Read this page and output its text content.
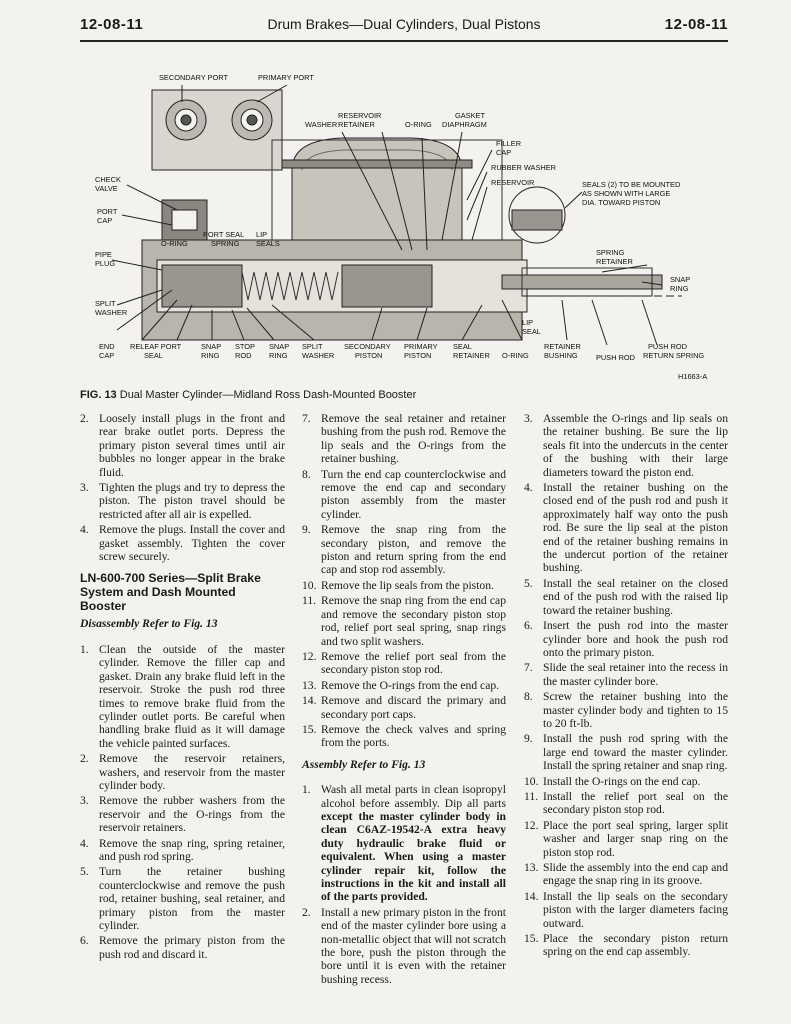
12-08-11	Drum Brakes—Dual Cylinders, Dual Pistons	12-08-11
SECONDARY PORT	PRIMARY PORT
RESERVOIR
RETAINER
WASHER	O-RING
GASKET
DIAPHRAGM
FILLER
CAP
RUBBER WASHER
RESERVOIR	SEALS (2) TO BE MOUNTED
AS SHOWN WITH LARGE
DIA. TOWARD PISTON
CHECK
VALVE
PORT
CAP
PORT SEAL LIP
SEALS
O-RING	SPRING
PIPE
PLUG
SPRING
RETAINER
SNAP
RING
SPLIT
WASHER
LIP
SEAL
END
CAP
RELEAF PORT
SEAL
SNAP
RING
STOP
ROD
SNAP
RING
SPLIT
WASHER
SECONDARY
PISTON
PRIMARY
PISTON
SEAL
RETAINER O-RING
RETAINER
BUSHING PUSH ROD
PUSH ROD
RETURN SPRING
H1663-A
FIG. 13 Dual Master Cylinder—Midland Ross Dash-Mounted Booster
2. Loosely install plugs in the front and rear brake outlet ports. Depress the primary piston several times until air bubbles no longer appear in the brake fluid.
3. Tighten the plugs and try to depress the piston. The piston travel should be restricted after all air is expelled.
4. Remove the plugs. Install the cover and gasket assembly. Tighten the cover screw securely.
LN-600-700 Series—Split Brake System and Dash Mounted Booster
Disassembly Refer to Fig. 13
1. Clean the outside of the master cylinder. Remove the filler cap and gasket. Drain any brake fluid left in the reservoir. Stroke the push rod three times to remove brake fluid from the cylinder outlet ports. Be careful when handling brake fluid as it will damage the vehicle painted surfaces.
2. Remove the reservoir retainers, washers, and reservoir from the master cylinder body.
3. Remove the rubber washers from the reservoir and the O-rings from the reservoir retainers.
4. Remove the snap ring, spring retainer, and push rod spring.
5. Turn the retainer bushing counterclockwise and remove the push rod, retainer bushing, seal retainer, and primary piston from the master cylinder.
6. Remove the primary piston from the push rod and discard it.
7. Remove the seal retainer and retainer bushing from the push rod. Remove the lip seals and the O-rings from the retainer bushing.
8. Turn the end cap counterclockwise and remove the end cap and secondary piston assembly from the master cylinder.
9. Remove the snap ring from the secondary piston, and remove the piston and return spring from the end cap and stop rod assembly.
10. Remove the lip seals from the piston.
11. Remove the snap ring from the end cap and remove the secondary piston stop rod, relief port seal spring, snap rings and two split washers.
12. Remove the relief port seal from the secondary piston stop rod.
13. Remove the O-rings from the end cap.
14. Remove and discard the primary and secondary port caps.
15. Remove the check valves and spring from the ports.
Assembly Refer to Fig. 13
1. Wash all metal parts in clean isopropyl alcohol before assembly. Dip all parts except the master cylinder body in clean C6AZ-19542-A extra heavy duty hydraulic brake fluid or equivalent. When using a master cylinder repair kit, follow the instructions in the kit and install all of the parts provided.
2. Install a new primary piston in the front end of the master cylinder bore using a non-metallic object that will not scratch the bore, push the piston through the bore until it is even with the retainer bushing recess.
3. Assemble the O-rings and lip seals on the retainer bushing. Be sure the lip seals fit into the undercuts in the center of the bushing with their large diameters toward the piston end.
4. Install the retainer bushing on the closed end of the push rod and push it approximately half way onto the push rod. Be sure the lip seal at the piston end of the retainer bushing remains in the undercut portion of the retainer bushing.
5. Install the seal retainer on the closed end of the push rod with the raised lip toward the retainer bushing.
6. Insert the push rod into the master cylinder bore and hook the push rod onto the primary piston.
7. Slide the seal retainer into the recess in the master cylinder bore.
8. Screw the retainer bushing into the master cylinder body and tighten to 15 to 20 ft-lb.
9. Install the push rod spring with the large end toward the master cylinder. Install the spring retainer and snap ring.
10. Install the O-rings on the end cap.
11. Install the relief port seal on the secondary piston stop rod.
12. Place the port seal spring, larger split washer and larger snap ring on the piston stop rod.
13. Slide the assembly into the end cap and engage the snap ring in its groove.
14. Install the lip seals on the secondary piston with the larger diameters facing outward.
15. Place the secondary piston return spring on the end cap assembly.
